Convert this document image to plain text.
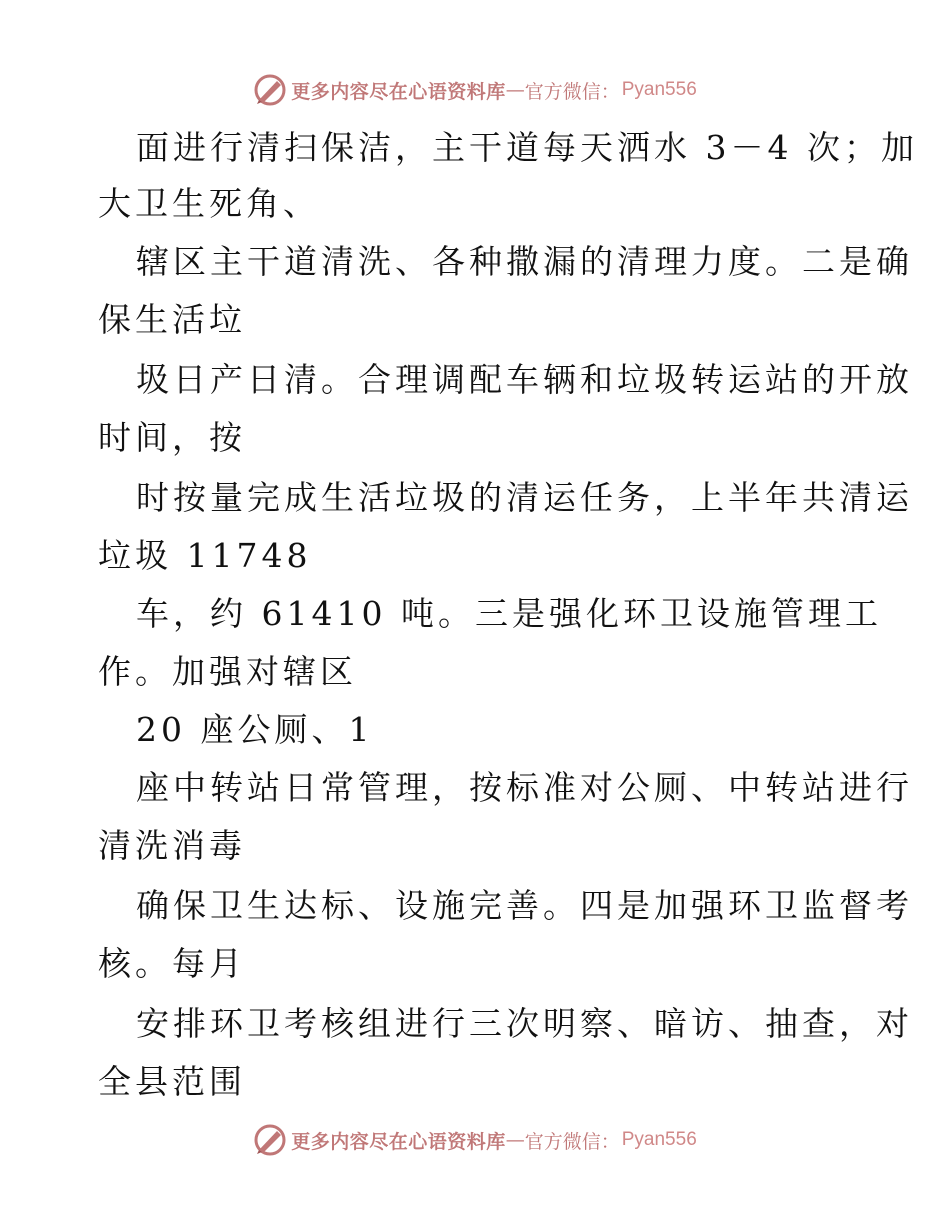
更多内容尽在心语资料库 — 官方微信： Pyan556
面进行清扫保洁，主干道每天洒水 3－4 次；加
大卫生死角、
辖区主干道清洗、各种撒漏的清理力度。二是确
保生活垃
圾日产日清。合理调配车辆和垃圾转运站的开放
时间，按
时按量完成生活垃圾的清运任务，上半年共清运
垃圾 11748
车，约 61410 吨。三是强化环卫设施管理工
作。加强对辖区
20 座公厕、1
座中转站日常管理，按标准对公厕、中转站进行
清洗消毒
确保卫生达标、设施完善。四是加强环卫监督考
核。每月
安排环卫考核组进行三次明察、暗访、抽查，对
全县范围
更多内容尽在心语资料库 — 官方微信： Pyan556
